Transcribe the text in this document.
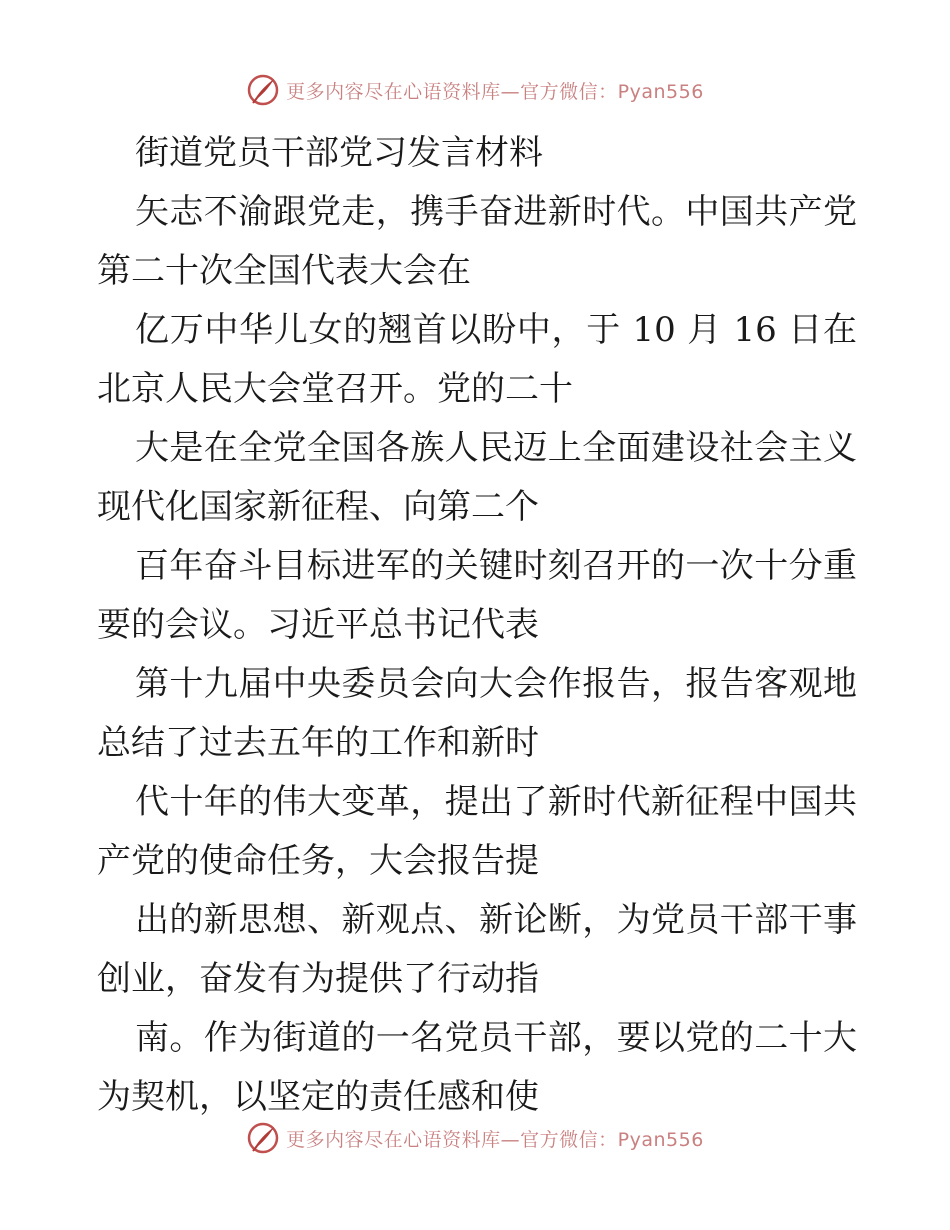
更多内容尽在心语资料库—官方微信：Pyan556
街道党员干部党习发言材料
矢志不渝跟党走，携手奋进新时代。中国共产党
第二十次全国代表大会在
亿万中华儿女的翘首以盼中，于 10 月 16 日在
北京人民大会堂召开。党的二十
大是在全党全国各族人民迈上全面建设社会主义
现代化国家新征程、向第二个
百年奋斗目标进军的关键时刻召开的一次十分重
要的会议。习近平总书记代表
第十九届中央委员会向大会作报告，报告客观地
总结了过去五年的工作和新时
代十年的伟大变革，提出了新时代新征程中国共
产党的使命任务，大会报告提
出的新思想、新观点、新论断，为党员干部干事
创业，奋发有为提供了行动指
南。作为街道的一名党员干部，要以党的二十大
为契机，以坚定的责任感和使
更多内容尽在心语资料库—官方微信：Pyan556
